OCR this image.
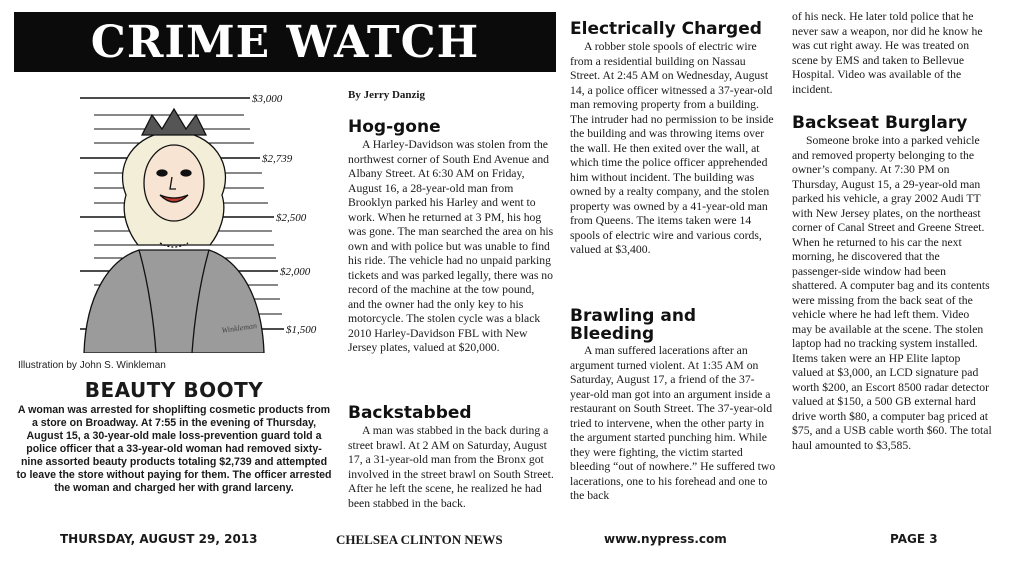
CRIME WATCH
$3,000
$2,739
$2,500
$2,000
$1,500
Winkleman
Illustration by John S. Winkleman
BEAUTY BOOTY
A woman was arrested for shoplifting cosmetic products from a store on Broadway. At 7:55 in the evening of Thursday, August 15, a 30-year-old male loss-prevention guard told a police officer that a 33-year-old woman had removed sixty-nine assorted beauty products totaling $2,739 and attempted to leave the store without paying for them. The officer arrested the woman and charged her with grand larceny.
By Jerry Danzig
Hog-gone

A Harley-Davidson was stolen from the northwest corner of South End Avenue and Albany Street. At 6:30 AM on Friday, August 16, a 28-year-old man from Brooklyn parked his Harley and went to work. When he returned at 3 PM, his hog was gone. The man searched the area on his own and with police but was unable to find his ride. The vehicle had no unpaid parking tickets and was parked legally, there was no record of the machine at the tow pound, and the owner had the only key to his motorcycle. The stolen cycle was a black 2010 Harley-Davidson FBL with New Jersey plates, valued at $20,000.

Backstabbed

A man was stabbed in the back during a street brawl. At 2 AM on Saturday, August 17, a 31-year-old man from the Bronx got involved in the street brawl on South Street. After he left the scene, he realized he had been stabbed in the back.

Electrically Charged

A robber stole spools of electric wire from a residential building on Nassau Street. At 2:45 AM on Wednesday, August 14, a police officer witnessed a 37-year-old man removing property from a building. The intruder had no permission to be inside the building and was throwing items over the wall. He then exited over the wall, at which time the police officer apprehended him without incident. The building was owned by a realty company, and the stolen property was owned by a 41-year-old man from Queens. The items taken were 14 spools of electric wire and various cords, valued at $3,400.

Brawling and
Bleeding

A man suffered lacerations after an argument turned violent. At 1:35 AM on Saturday, August 17, a friend of the 37-year-old man got into an argument inside a restaurant on South Street. The 37-year-old tried to intervene, when the other party in the argument started punching him. While they were fighting, the victim started bleeding “out of nowhere.” He suffered two lacerations, one to his forehead and one to the back

of his neck. He later told police that he never saw a weapon, nor did he know he was cut right away. He was treated on scene by EMS and taken to Bellevue Hospital. Video was available of the incident.

Backseat Burglary

Someone broke into a parked vehicle and removed property belonging to the owner’s company. At 7:30 PM on Thursday, August 15, a 29-year-old man parked his vehicle, a gray 2002 Audi TT with New Jersey plates, on the northeast corner of Canal Street and Greene Street. When he returned to his car the next morning, he discovered that the passenger-side window had been shattered. A computer bag and its contents were missing from the back seat of the vehicle where he had left them. Video may be available at the scene. The stolen laptop had no tracking system installed. Items taken were an HP Elite laptop valued at $3,000, an LCD signature pad worth $200, an Escort 8500 radar detector valued at $150, a 500 GB external hard drive worth $80, a computer bag priced at $75, and a USB cable worth $60. The total haul amounted to $3,585.

THURSDAY, AUGUST 29, 2013	CHELSEA CLINTON NEWS	www.nypress.com	PAGE 3
